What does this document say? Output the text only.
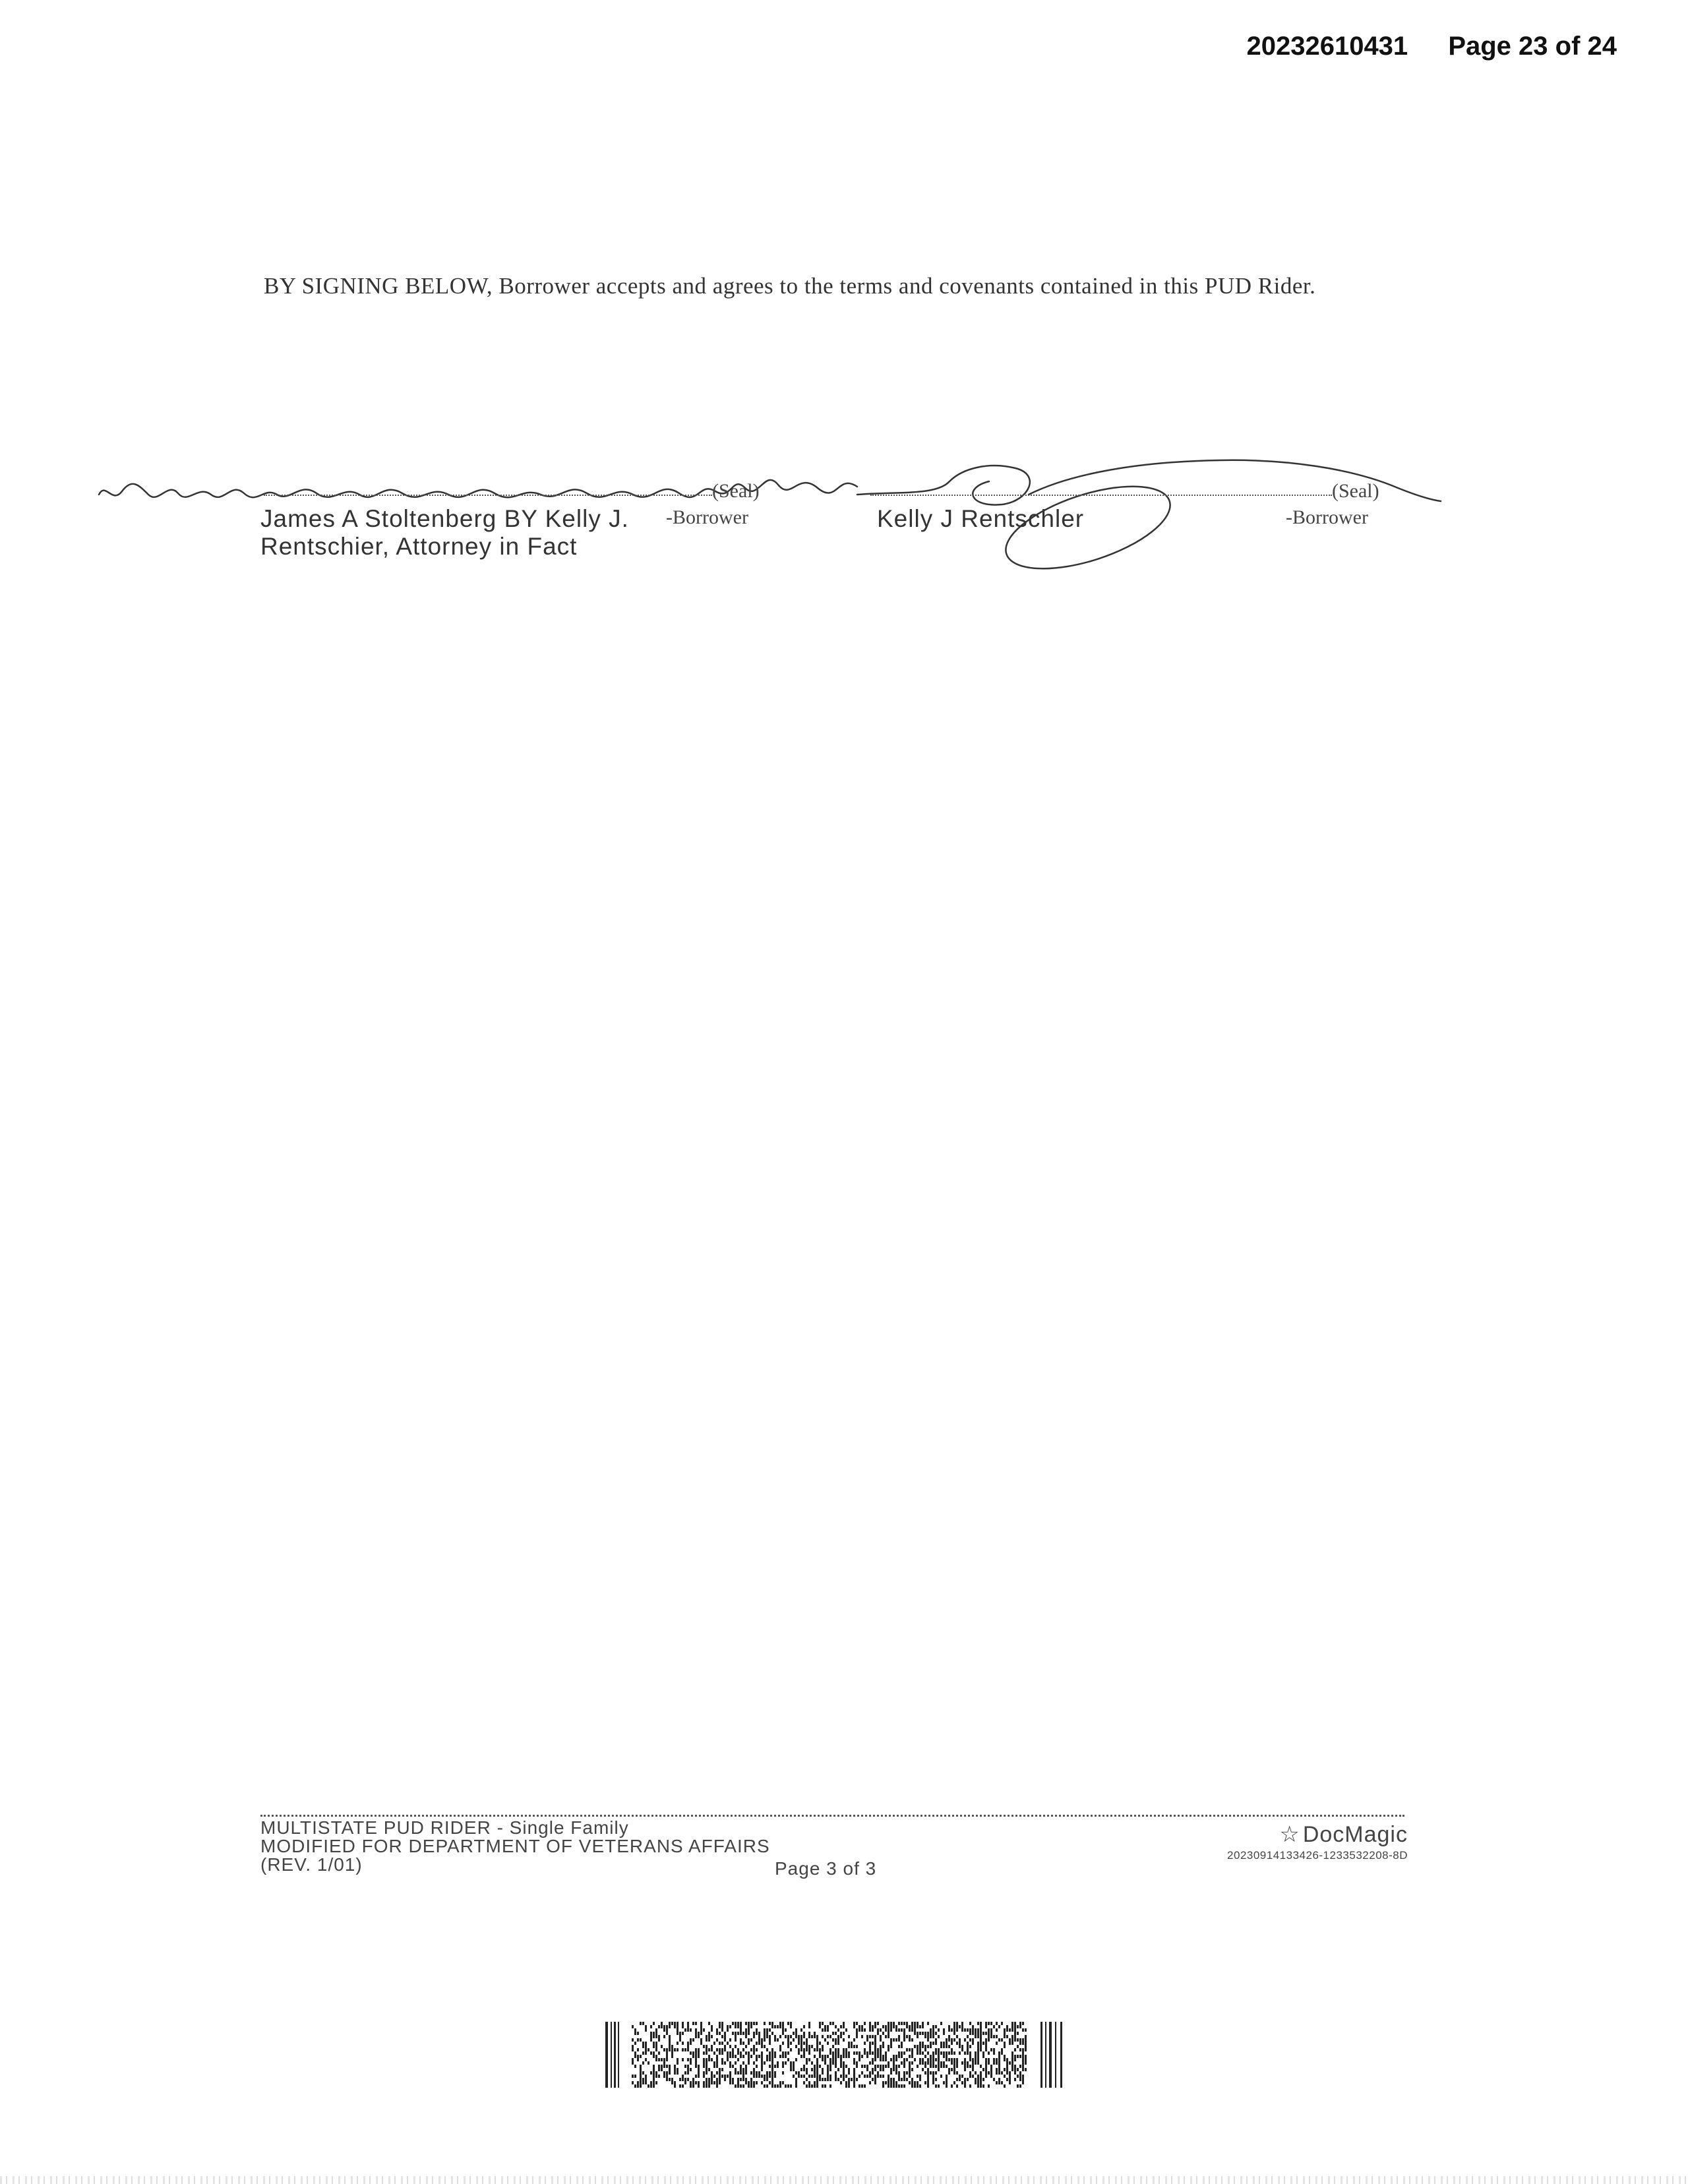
20232610431 Page 23 of 24
BY SIGNING BELOW, Borrower accepts and agrees to the terms and covenants contained in this PUD Rider.
(Seal)
-Borrower
James A Stoltenberg BY Kelly J. Rentschier, Attorney in Fact
(Seal)
-Borrower
Kelly J Rentschler
MULTISTATE PUD RIDER - Single Family
MODIFIED FOR DEPARTMENT OF VETERANS AFFAIRS
(REV. 1/01)	Page 3 of 3
☆ DocMagic
20230914133426-1233532208-8D
